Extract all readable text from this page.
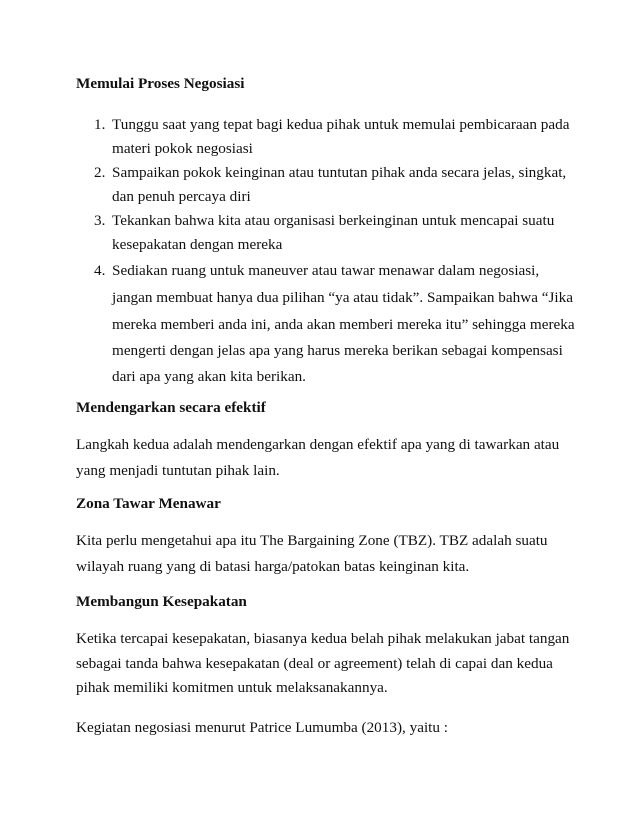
Memulai Proses Negosiasi
1. Tunggu saat yang tepat bagi kedua pihak untuk memulai pembicaraan pada
materi pokok negosiasi
2. Sampaikan pokok keinginan atau tuntutan pihak anda secara jelas, singkat,
dan penuh percaya diri
3. Tekankan bahwa kita atau organisasi berkeinginan untuk mencapai suatu
kesepakatan dengan mereka
4. Sediakan ruang untuk maneuver atau tawar menawar dalam negosiasi,
jangan membuat hanya dua pilihan “ya atau tidak”. Sampaikan bahwa “Jika
mereka memberi anda ini, anda akan memberi mereka itu” sehingga mereka
mengerti dengan jelas apa yang harus mereka berikan sebagai kompensasi
dari apa yang akan kita berikan.
Mendengarkan secara efektif
Langkah kedua adalah mendengarkan dengan efektif apa yang di tawarkan atau
yang menjadi tuntutan pihak lain.
Zona Tawar Menawar
Kita perlu mengetahui apa itu The Bargaining Zone (TBZ). TBZ adalah suatu
wilayah ruang yang di batasi harga/patokan batas keinginan kita.
Membangun Kesepakatan
Ketika tercapai kesepakatan, biasanya kedua belah pihak melakukan jabat tangan
sebagai tanda bahwa kesepakatan (deal or agreement) telah di capai dan kedua
pihak memiliki komitmen untuk melaksanakannya.
Kegiatan negosiasi menurut Patrice Lumumba (2013), yaitu :
